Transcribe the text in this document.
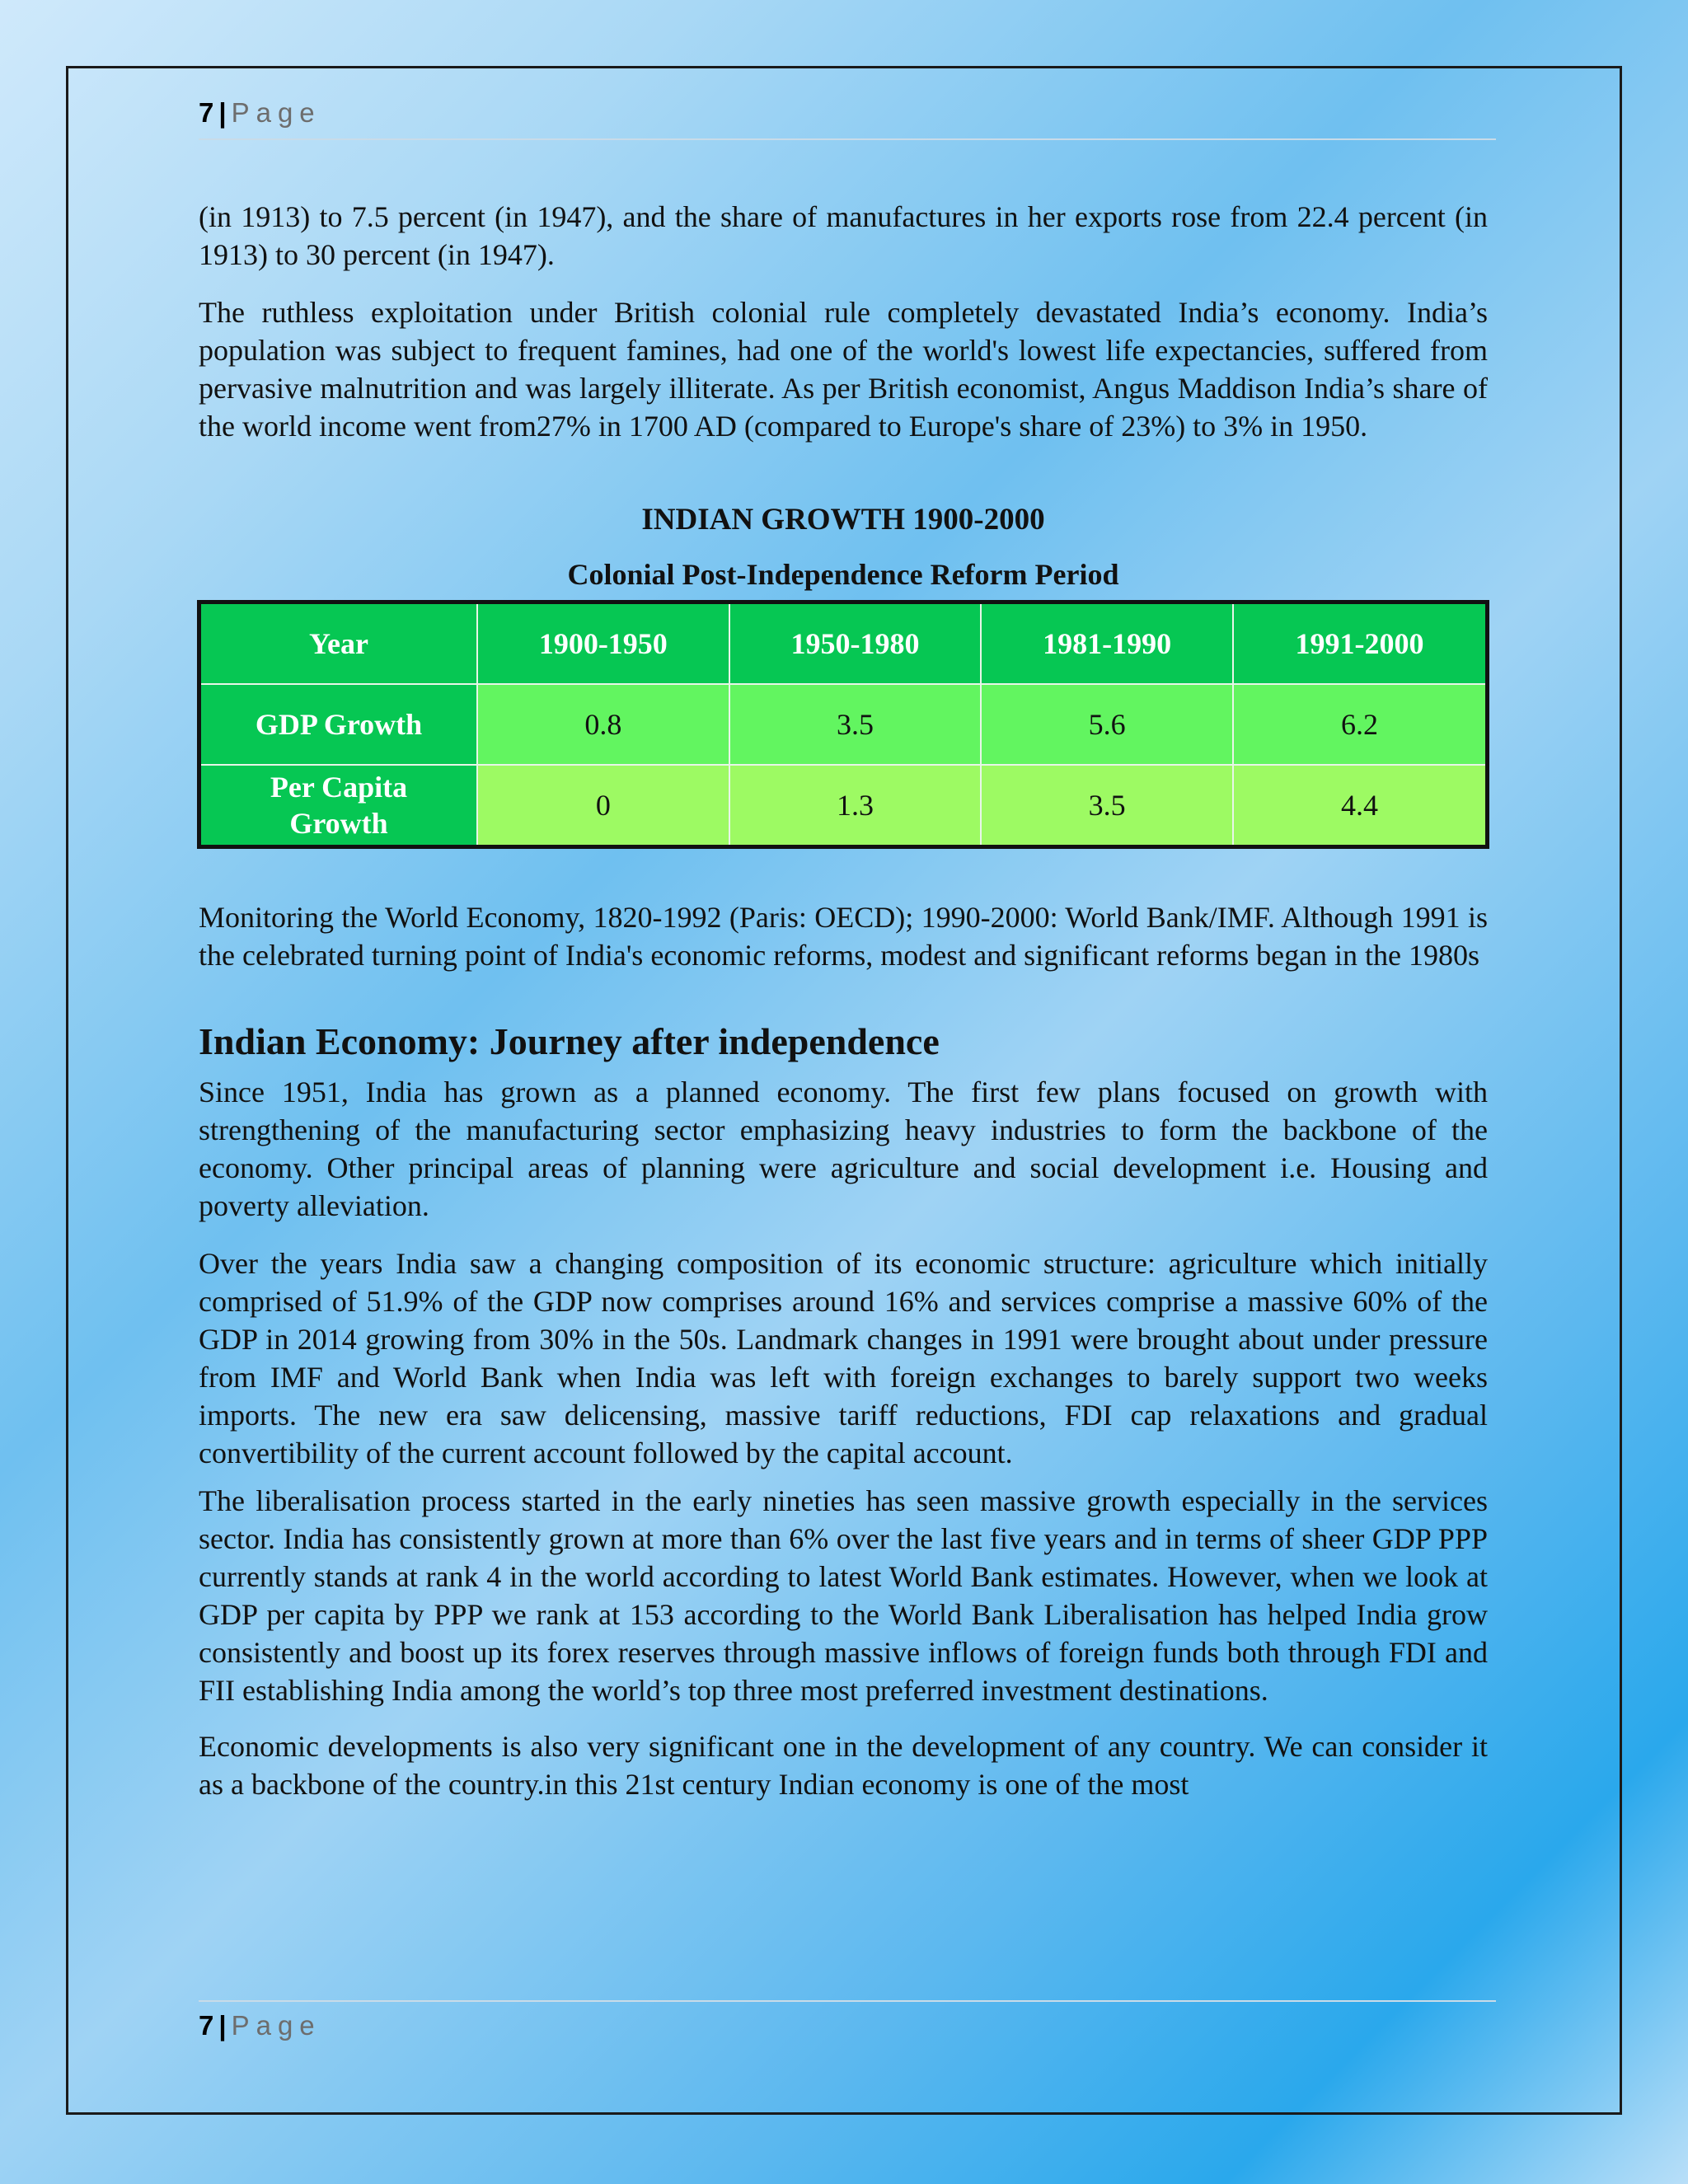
7 | Page

(in 1913) to 7.5 percent (in 1947), and the share of manufactures in her exports rose from 22.4 percent (in 1913) to 30 percent (in 1947).

The ruthless exploitation under British colonial rule completely devastated India’s economy. India’s population was subject to frequent famines, had one of the world's lowest life expectancies, suffered from pervasive malnutrition and was largely illiterate. As per British economist, Angus Maddison India’s share of the world income went from27% in 1700 AD (compared to Europe's share of 23%) to 3% in 1950.

INDIAN GROWTH 1900-2000
Colonial Post-Independence Reform Period
Year	1900-1950	1950-1980	1981-1990	1991-2000
GDP Growth	0.8	3.5	5.6	6.2
Per Capita Growth	0	1.3	3.5	4.4

Monitoring the World Economy, 1820-1992 (Paris: OECD); 1990-2000: World Bank/IMF. Although 1991 is the celebrated turning point of India's economic reforms, modest and significant reforms began in the 1980s

Indian Economy: Journey after independence

Since 1951, India has grown as a planned economy. The first few plans focused on growth with strengthening of the manufacturing sector emphasizing heavy industries to form the backbone of the economy. Other principal areas of planning were agriculture and social development i.e. Housing and poverty alleviation.

Over the years India saw a changing composition of its economic structure: agriculture which initially comprised of 51.9% of the GDP now comprises around 16% and services comprise a massive 60% of the GDP in 2014 growing from 30% in the 50s. Landmark changes in 1991 were brought about under pressure from IMF and World Bank when India was left with foreign exchanges to barely support two weeks imports. The new era saw delicensing, massive tariff reductions, FDI cap relaxations and gradual convertibility of the current account followed by the capital account.

The liberalisation process started in the early nineties has seen massive growth especially in the services sector. India has consistently grown at more than 6% over the last five years and in terms of sheer GDP PPP currently stands at rank 4 in the world according to latest World Bank estimates. However, when we look at GDP per capita by PPP we rank at 153 according to the World Bank Liberalisation has helped India grow consistently and boost up its forex reserves through massive inflows of foreign funds both through FDI and FII establishing India among the world’s top three most preferred investment destinations.

Economic developments is also very significant one in the development of any country. We can consider it as a backbone of the country.in this 21st century Indian economy is one of the most

7 | Page
